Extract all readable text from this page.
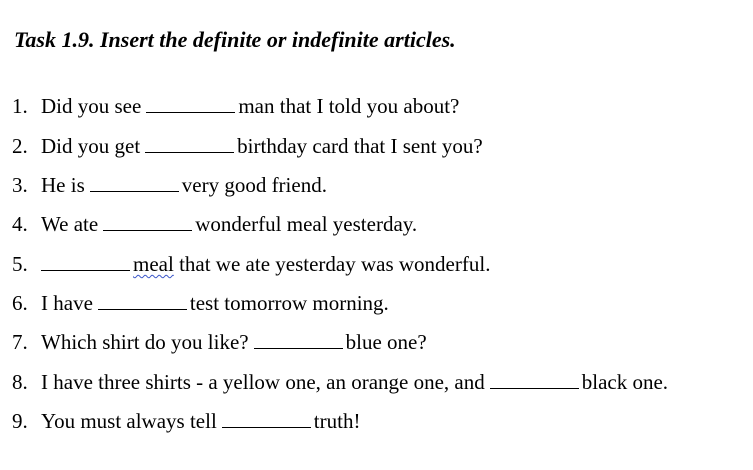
Task 1.9. Insert the definite or indefinite articles.
1. Did you see	man that I told you about?
2. Did you get	birthday card that I sent you?
3. He is	very good friend.
4. We ate	wonderful meal yesterday.
5.	meal that we ate yesterday was wonderful.
6. I have	test tomorrow morning.
7. Which shirt do you like?	blue one?
8. I have three shirts - a yellow one, an orange one, and	black one.
9. You must always tell	truth!
